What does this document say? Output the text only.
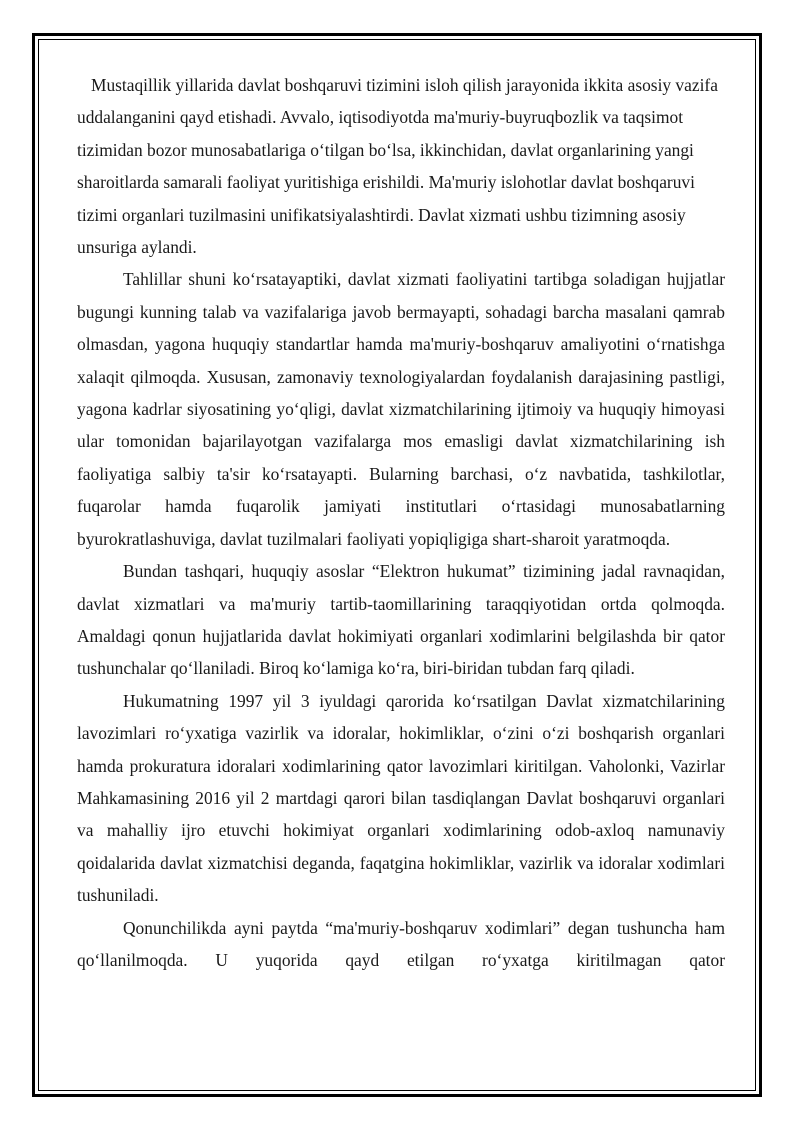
Mustaqillik yillarida davlat boshqaruvi tizimini isloh qilish jarayonida ikkita asosiy vazifa uddalanganini qayd etishadi. Avvalo, iqtisodiyotda ma'muriy-buyruqbozlik va taqsimot tizimidan bozor munosabatlariga o‘tilgan bo‘lsa, ikkinchidan, davlat organlarining yangi sharoitlarda samarali faoliyat yuritishiga erishildi. Ma'muriy islohotlar davlat boshqaruvi tizimi organlari tuzilmasini unifikatsiyalashtirdi. Davlat xizmati ushbu tizimning asosiy unsuriga aylandi.

Tahlillar shuni ko‘rsatayaptiki, davlat xizmati faoliyatini tartibga soladigan hujjatlar bugungi kunning talab va vazifalariga javob bermayapti, sohadagi barcha masalani qamrab olmasdan, yagona huquqiy standartlar hamda ma'muriy-boshqaruv amaliyotini o‘rnatishga xalaqit qilmoqda. Xususan, zamonaviy texnologiyalardan foydalanish darajasining pastligi, yagona kadrlar siyosatining yo‘qligi, davlat xizmatchilarining ijtimoiy va huquqiy himoyasi ular tomonidan bajarilayotgan vazifalarga mos emasligi davlat xizmatchilarining ish faoliyatiga salbiy ta'sir ko‘rsatayapti. Bularning barchasi, o‘z navbatida, tashkilotlar, fuqarolar hamda fuqarolik jamiyati institutlari o‘rtasidagi munosabatlarning byurokratlashuviga, davlat tuzilmalari faoliyati yopiqligiga shart-sharoit yaratmoqda.

Bundan tashqari, huquqiy asoslar “Elektron hukumat” tizimining jadal ravnaqidan, davlat xizmatlari va ma'muriy tartib-taomillarining taraqqiyotidan ortda qolmoqda. Amaldagi qonun hujjatlarida davlat hokimiyati organlari xodimlarini belgilashda bir qator tushunchalar qo‘llaniladi. Biroq ko‘lamiga ko‘ra, biri-biridan tubdan farq qiladi.

Hukumatning 1997 yil 3 iyuldagi qarorida ko‘rsatilgan Davlat xizmatchilarining lavozimlari ro‘yxatiga vazirlik va idoralar, hokimliklar, o‘zini o‘zi boshqarish organlari hamda prokuratura idoralari xodimlarining qator lavozimlari kiritilgan. Vaholonki, Vazirlar Mahkamasining 2016 yil 2 martdagi qarori bilan tasdiqlangan Davlat boshqaruvi organlari va mahalliy ijro etuvchi hokimiyat organlari xodimlarining odob-axloq namunaviy qoidalarida davlat xizmatchisi deganda, faqatgina hokimliklar, vazirlik va idoralar xodimlari tushuniladi.

Qonunchilikda ayni paytda “ma'muriy-boshqaruv xodimlari” degan tushuncha ham qo‘llanilmoqda. U yuqorida qayd etilgan ro‘yxatga kiritilmagan qator
